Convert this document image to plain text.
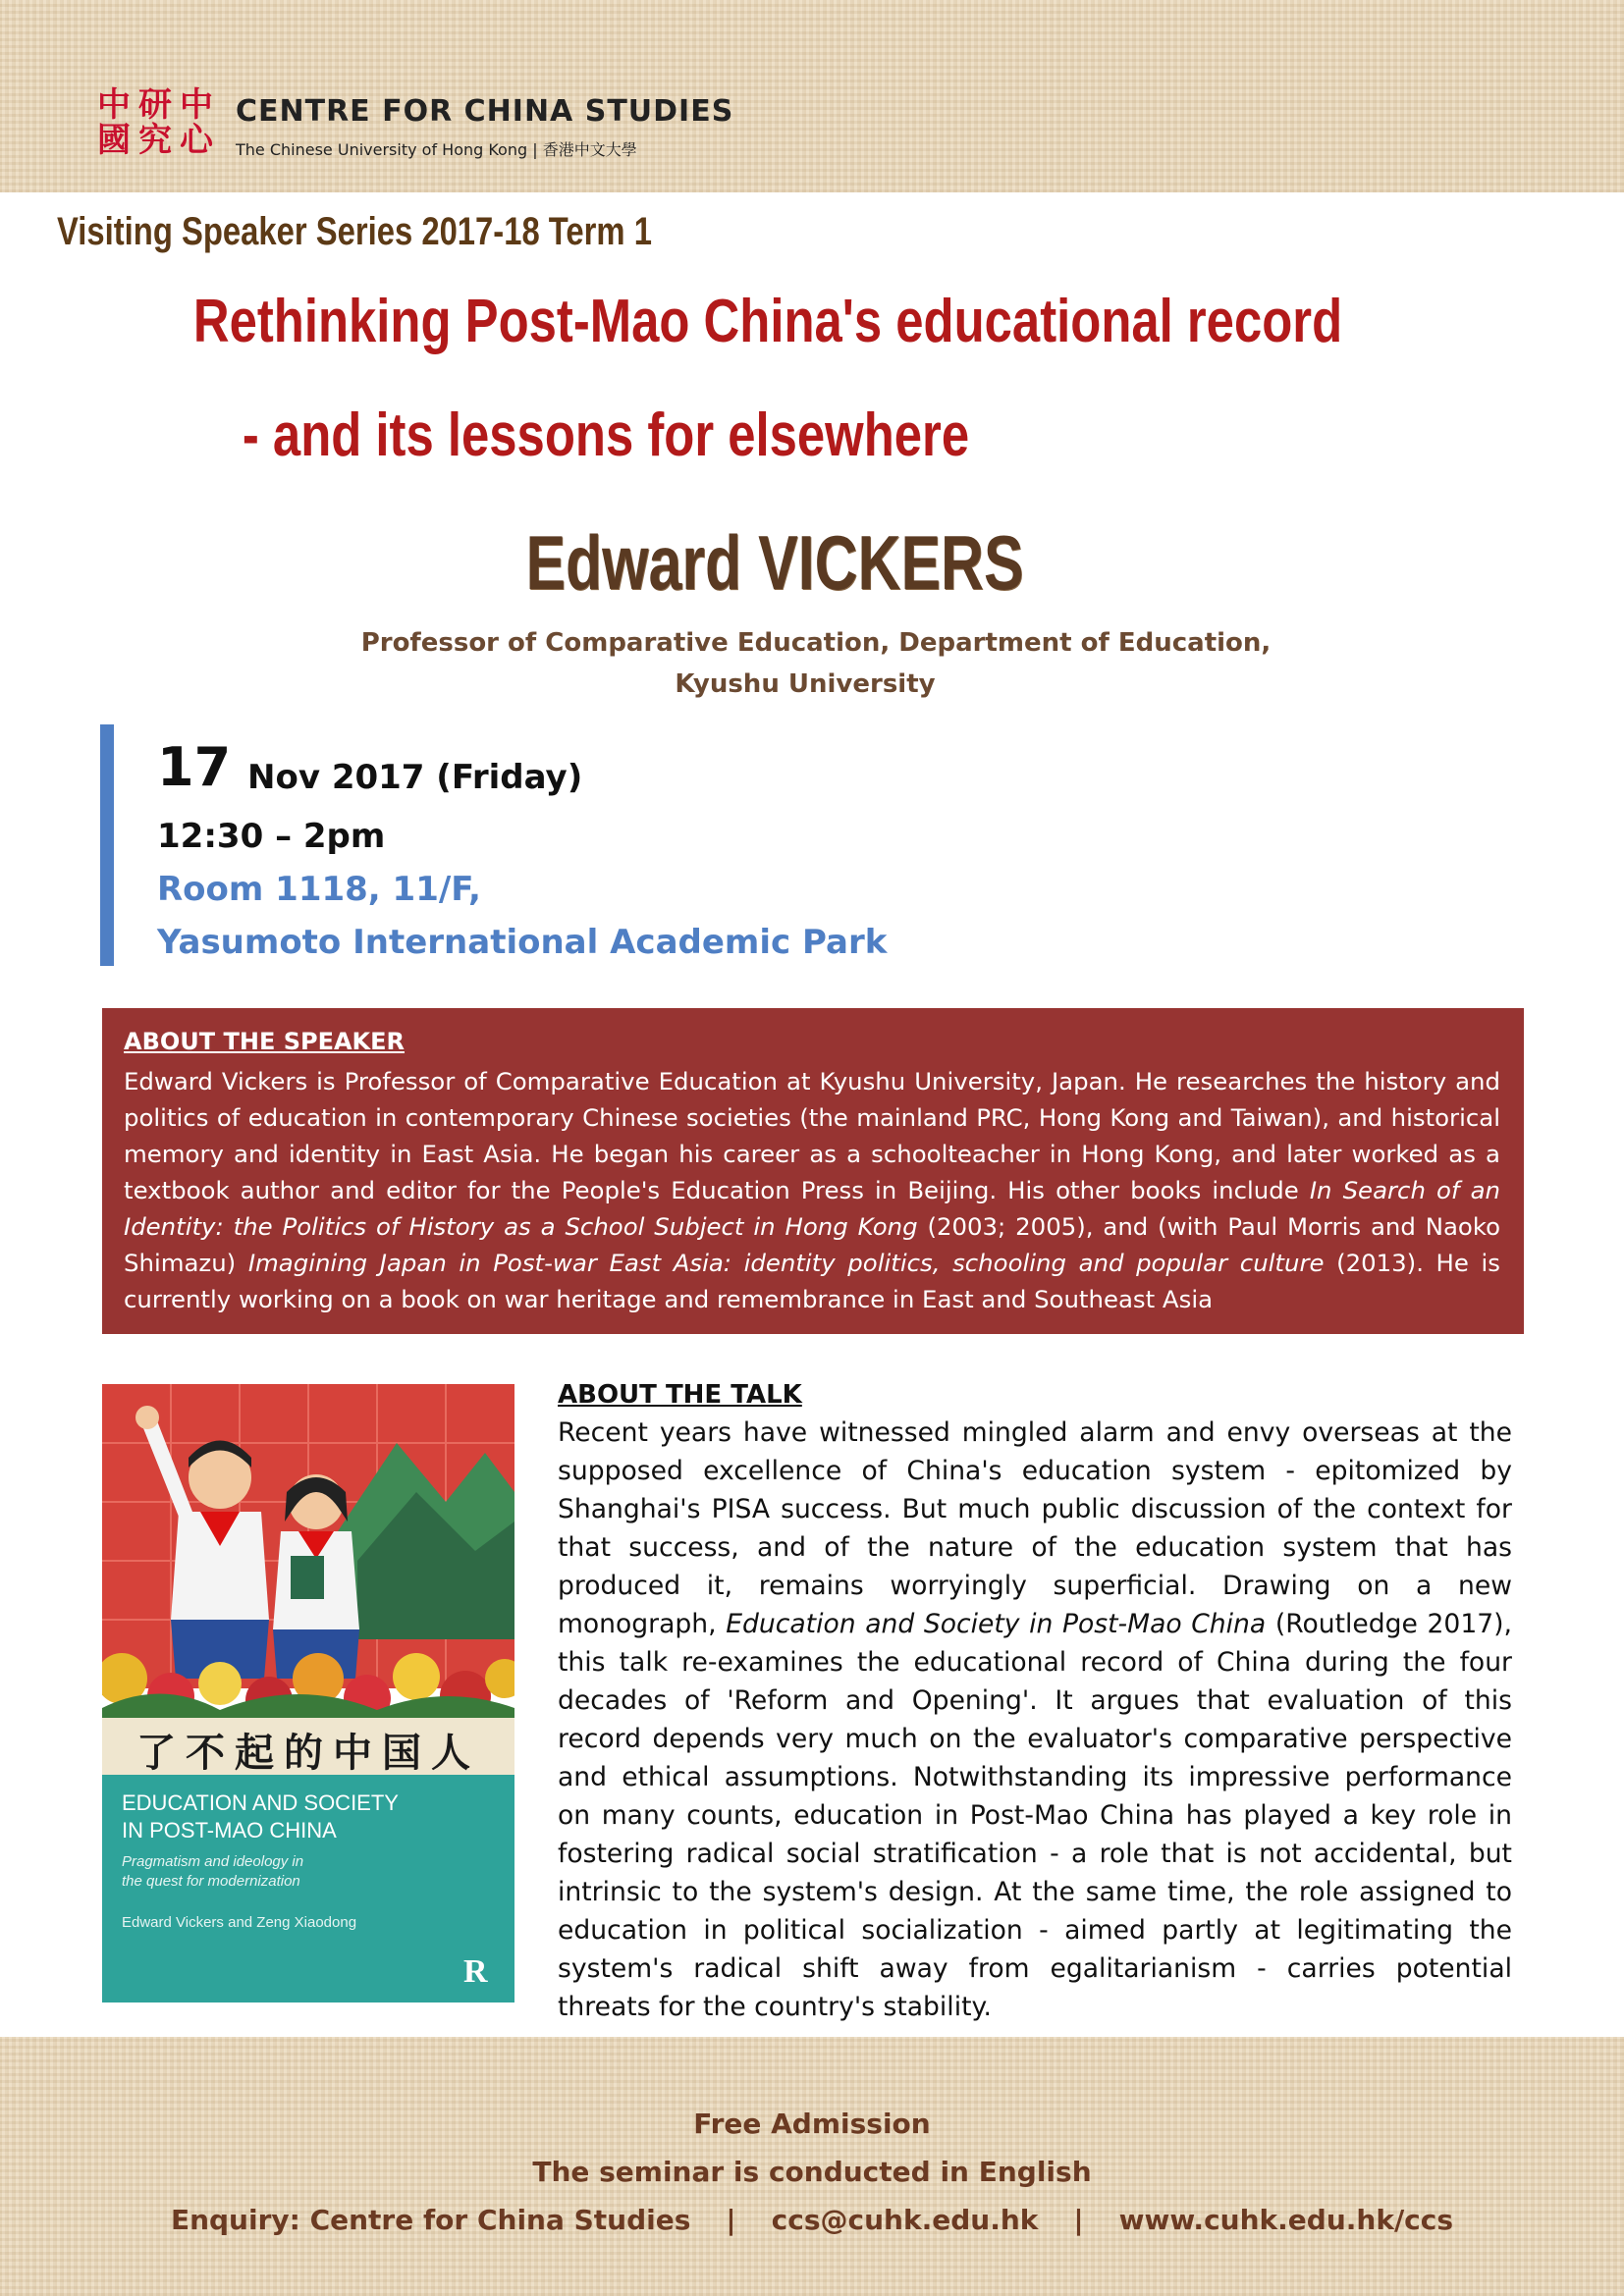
中 研 中
國 究 心
CENTRE FOR CHINA STUDIES
The Chinese University of Hong Kong | 香港中文大學
Visiting Speaker Series 2017-18 Term 1
Rethinking Post-Mao China's educational record
- and its lessons for elsewhere
Edward VICKERS
Professor of Comparative Education, Department of Education,
Kyushu University
17 Nov 2017 (Friday)
12:30 – 2pm
Room 1118, 11/F,
Yasumoto International Academic Park
ABOUT THE SPEAKER

Edward Vickers is Professor of Comparative Education at Kyushu University, Japan. He researches the history and politics of education in contemporary Chinese societies (the mainland PRC, Hong Kong and Taiwan), and historical memory and identity in East Asia. He began his career as a schoolteacher in Hong Kong, and later worked as a textbook author and editor for the People's Education Press in Beijing. His other books include In Search of an Identity: the Politics of History as a School Subject in Hong Kong (2003; 2005), and (with Paul Morris and Naoko Shimazu) Imagining Japan in Post-war East Asia: identity politics, schooling and popular culture (2013). He is currently working on a book on war heritage and remembrance in East and Southeast Asia

了不起的中国人
EDUCATION AND SOCIETY
IN POST-MAO CHINA
Pragmatism and ideology in
the quest for modernization
Edward Vickers and Zeng Xiaodong
R
ABOUT THE TALK

Recent years have witnessed mingled alarm and envy overseas at the supposed excellence of China's education system - epitomized by Shanghai's PISA success. But much public discussion of the context for that success, and of the nature of the education system that has produced it, remains worryingly superficial. Drawing on a new monograph, Education and Society in Post-Mao China (Routledge 2017), this talk re-examines the educational record of China during the four decades of 'Reform and Opening'. It argues that evaluation of this record depends very much on the evaluator's comparative perspective and ethical assumptions. Notwithstanding its impressive performance on many counts, education in Post-Mao China has played a key role in fostering radical social stratification - a role that is not accidental, but intrinsic to the system's design. At the same time, the role assigned to education in political socialization - aimed partly at legitimating the system's radical shift away from egalitarianism - carries potential threats for the country's stability.

Free Admission
The seminar is conducted in English
Enquiry: Centre for China Studies | ccs@cuhk.edu.hk | www.cuhk.edu.hk/ccs
